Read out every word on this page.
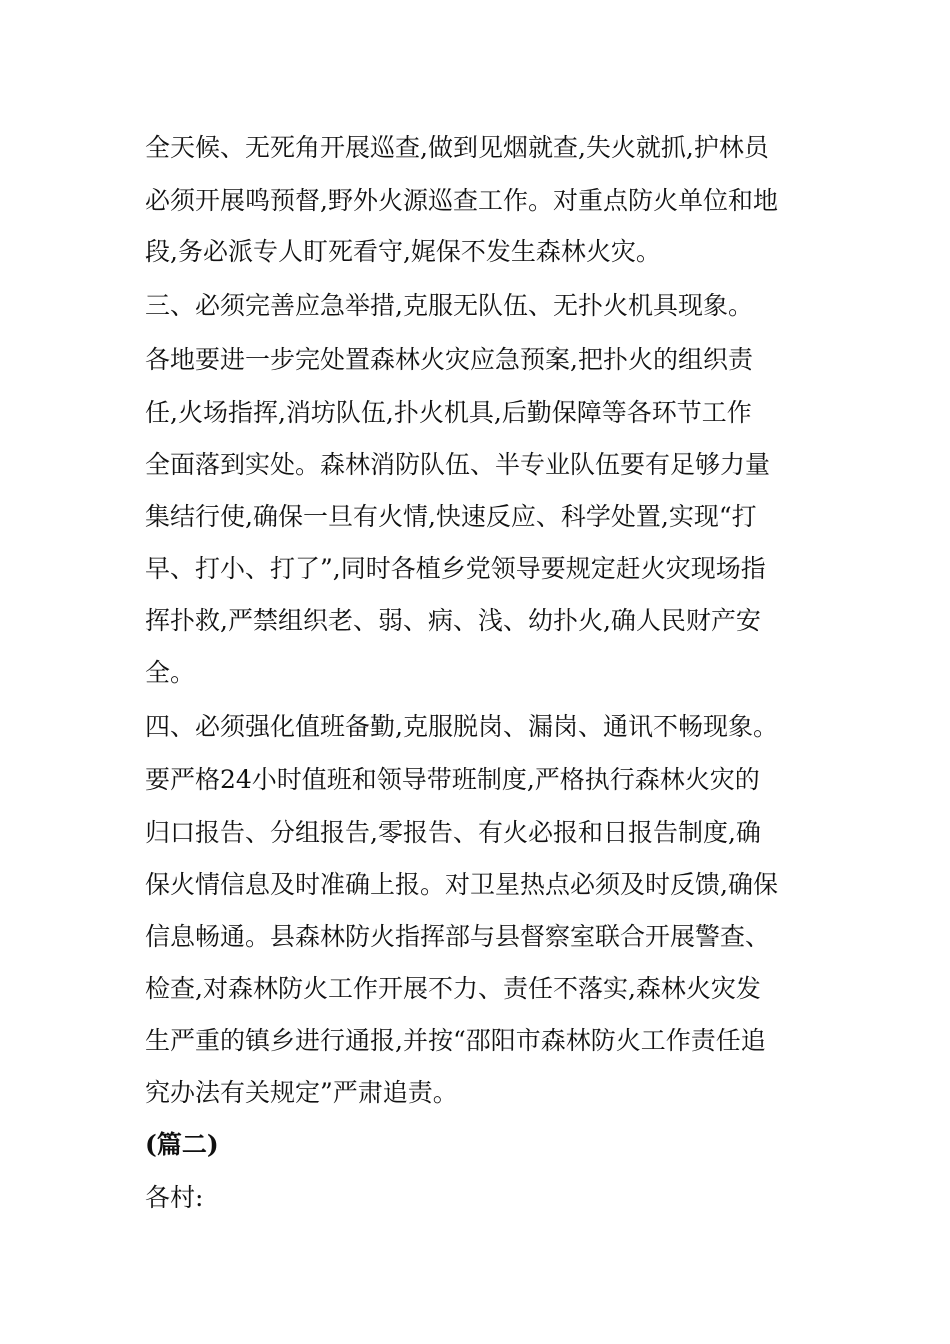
全天候、无死角开展巡查,做到见烟就查,失火就抓,护林员
必须开展鸣预督,野外火源巡查工作。对重点防火单位和地
段,务必派专人盯死看守,娓保不发生森林火灾。
三、必须完善应急举措,克服无队伍、无扑火机具现象。
各地要进一步完处置森林火灾应急预案,把扑火的组织责
任,火场指挥,消坊队伍,扑火机具,后勤保障等各环节工作
全面落到实处。森林消防队伍、半专业队伍要有足够力量
集结行使,确保一旦有火情,快速反应、科学处置,实现“打
早、打小、打了”,同时各植乡党领导要规定赶火灾现场指
挥扑救,严禁组织老、弱、病、浅、幼扑火,确人民财产安
全。
四、必须强化值班备勤,克服脱岗、漏岗、通讯不畅现象。
要严格24小时值班和领导带班制度,严格执行森林火灾的
归口报告、分组报告,零报告、有火必报和日报告制度,确
保火情信息及时准确上报。对卫星热点必须及时反馈,确保
信息畅通。县森林防火指挥部与县督察室联合开展警查、
检查,对森林防火工作开展不力、责任不落实,森林火灾发
生严重的镇乡进行通报,并按“邵阳市森林防火工作责任追
究办法有关规定”严肃追责。
(篇二)
各村:
